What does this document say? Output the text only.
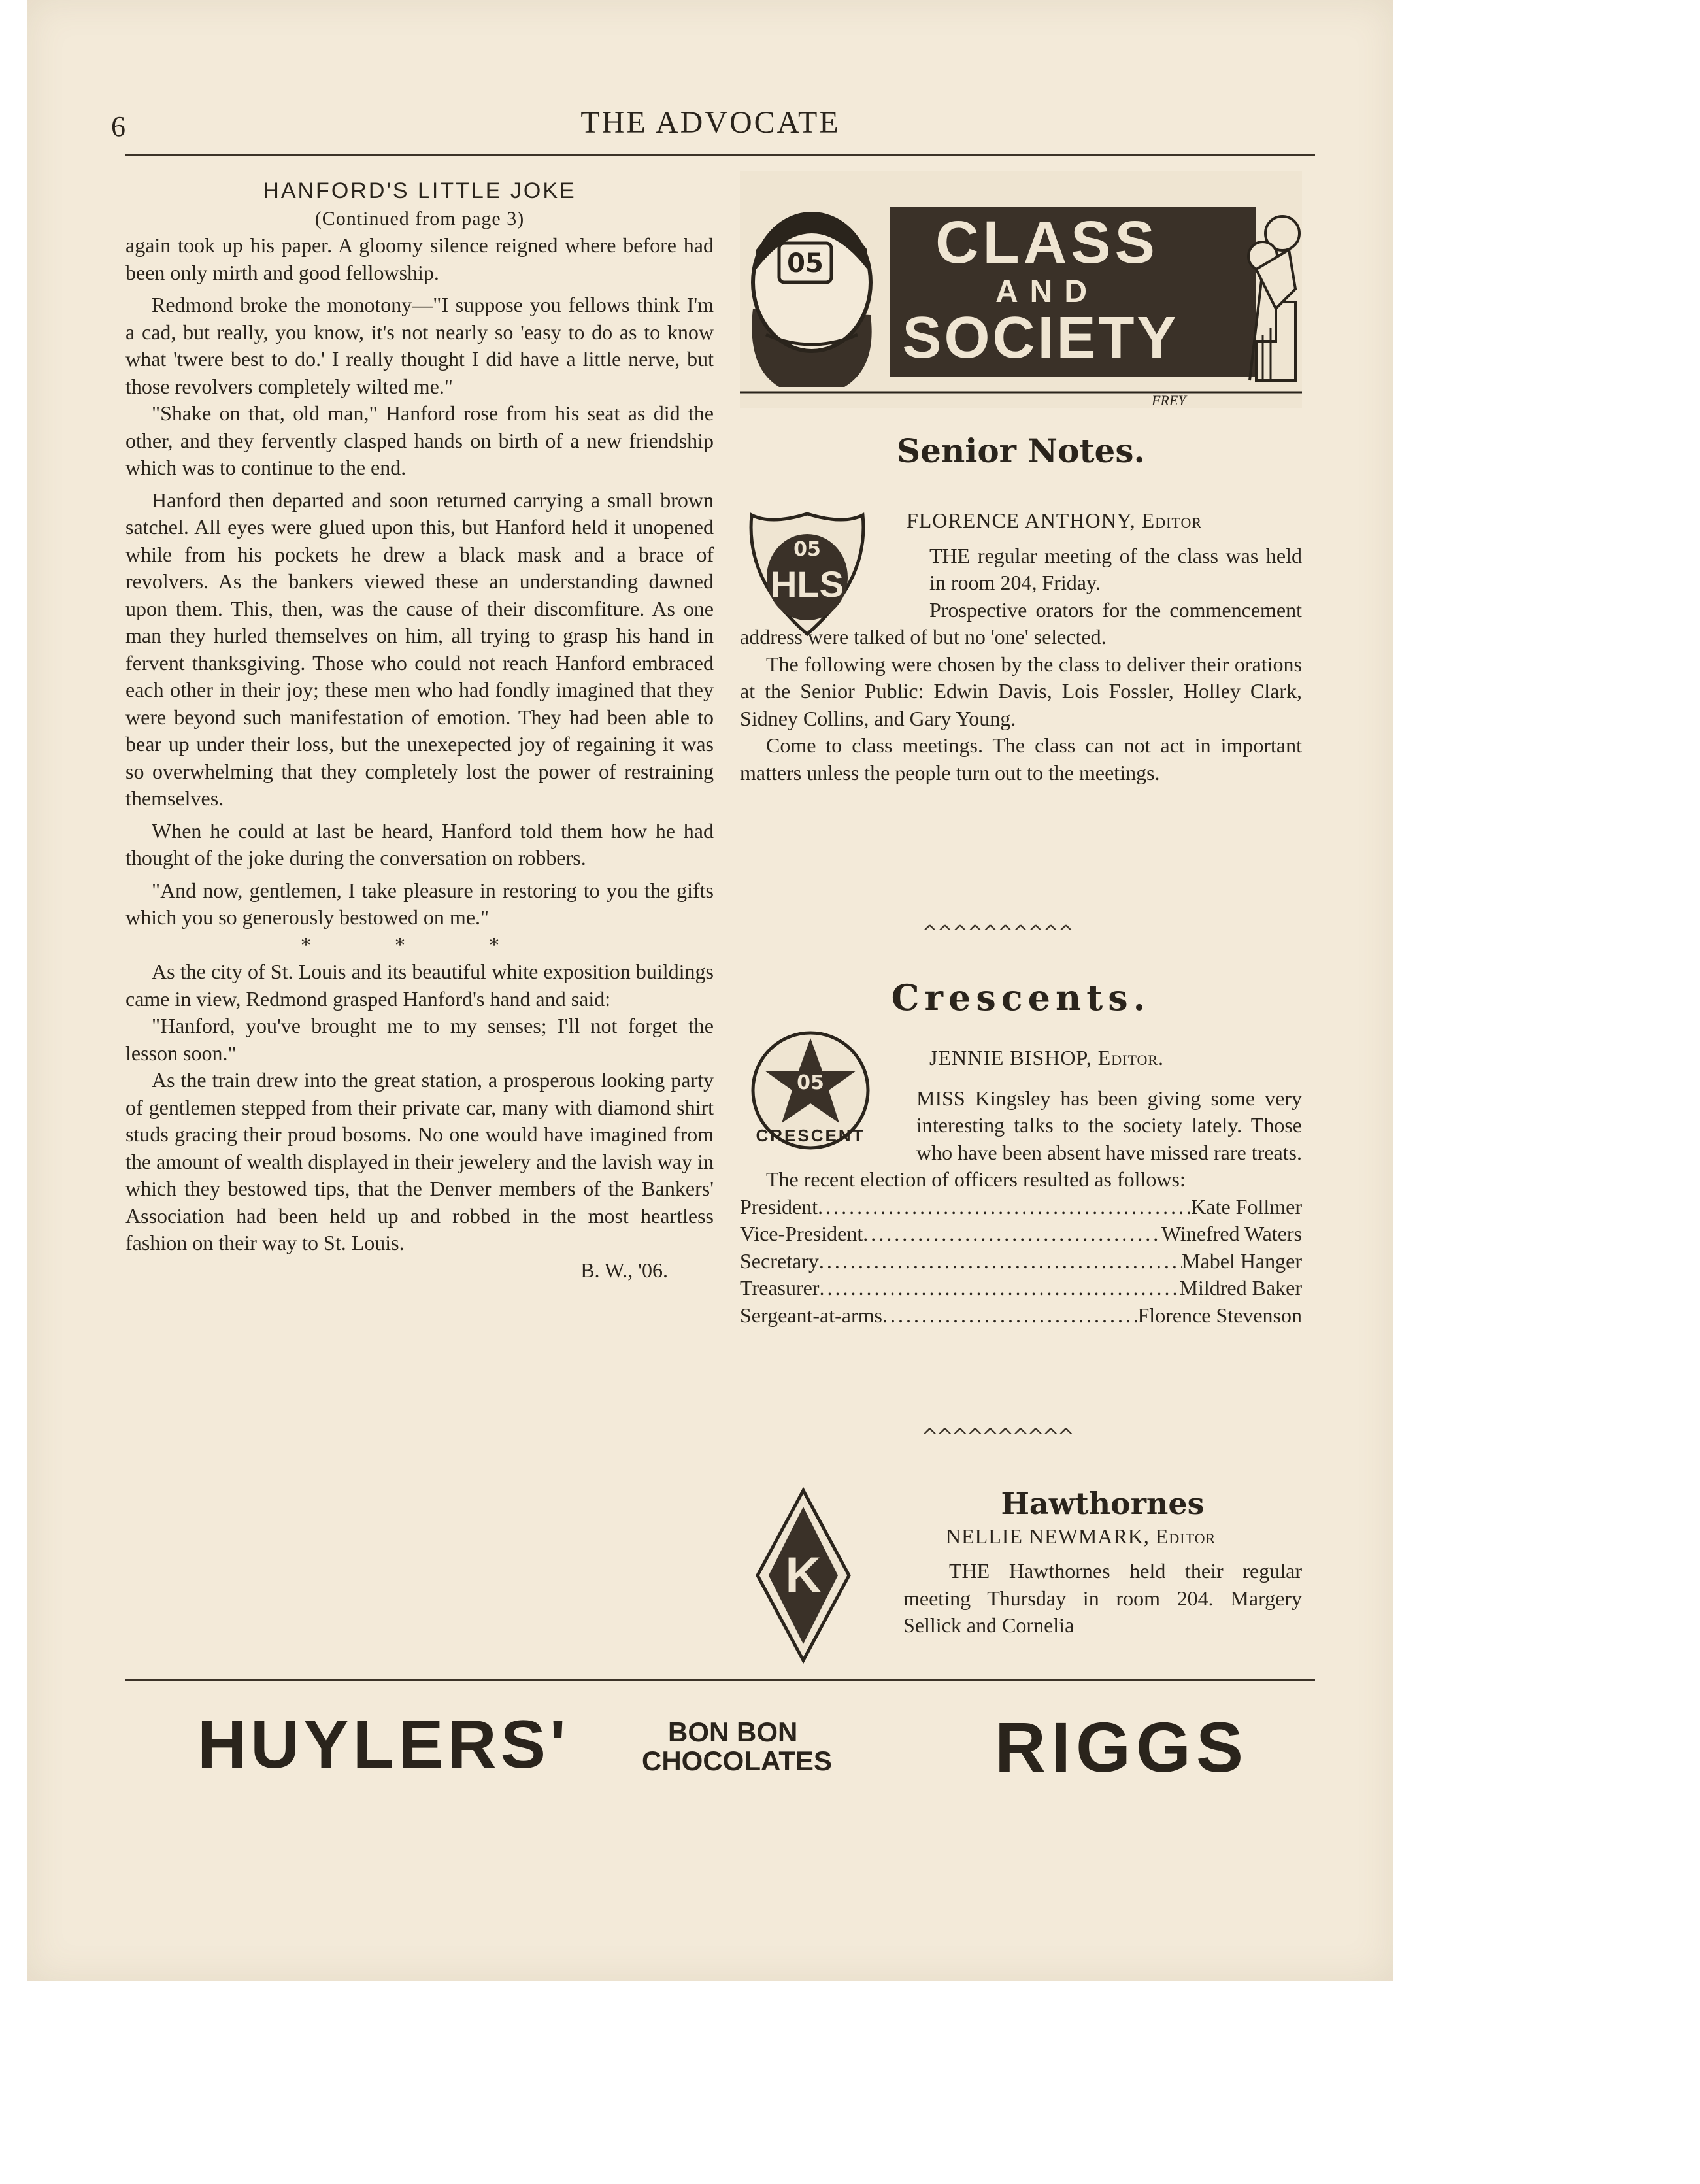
6	THE ADVOCATE

HANFORD'S LITTLE JOKE

(Continued from page 3)

again took up his paper. A gloomy silence reigned where before had been only mirth and good fellowship.

Redmond broke the monotony—"I suppose you fellows think I'm a cad, but really, you know, it's not nearly so 'easy to do as to know what 'twere best to do.' I really thought I did have a little nerve, but those revolvers completely wilted me."

"Shake on that, old man," Hanford rose from his seat as did the other, and they fervently clasped hands on birth of a new friendship which was to continue to the end.

Hanford then departed and soon returned carrying a small brown satchel. All eyes were glued upon this, but Hanford held it unopened while from his pockets he drew a black mask and a brace of revolvers. As the bankers viewed these an understanding dawned upon them. This, then, was the cause of their discomfiture. As one man they hurled themselves on him, all trying to grasp his hand in fervent thanksgiving. Those who could not reach Hanford embraced each other in their joy; these men who had fondly imagined that they were beyond such manifestation of emotion. They had been able to bear up under their loss, but the unexepected joy of regaining it was so overwhelming that they completely lost the power of restraining themselves.

When he could at last be heard, Hanford told them how he had thought of the joke during the conversation on robbers.

"And now, gentlemen, I take pleasure in restoring to you the gifts which you so generously bestowed on me."

* * *

As the city of St. Louis and its beautiful white exposition buildings came in view, Redmond grasped Hanford's hand and said:

"Hanford, you've brought me to my senses; I'll not forget the lesson soon."

As the train drew into the great station, a prosperous looking party of gentlemen stepped from their private car, many with diamond shirt studs gracing their proud bosoms. No one would have imagined from the amount of wealth displayed in their jewelery and the lavish way in which they bestowed tips, that the Denver members of the Bankers' Association had been held up and robbed in the most heartless fashion on their way to St. Louis.

B. W., '06.

05 CLASS
AND
SOCIETY
FREY
Senior Notes.
05
HLS

FLORENCE ANTHONY, Editor

THE regular meeting of the class was held in room 204, Friday.

Prospective orators for the commencement address were talked of but no 'one' selected.

The following were chosen by the class to deliver their orations at the Senior Public: Edwin Davis, Lois Fossler, Holley Clark, Sidney Collins, and Gary Young.

Come to class meetings. The class can not act in important matters unless the people turn out to the meetings.

^^^^^^^^^^
Crescents.
05
CRESCENT

JENNIE BISHOP, Editor.

MISS Kingsley has been giving some very interesting talks to the society lately. Those who have been absent have missed rare treats.

The recent election of officers resulted as follows:

President .....	Kate Follmer
Vice-President .....	Winefred Waters
Secretary .....	Mabel Hanger
Treasurer .....	Mildred Baker
Sergeant-at-arms .....	Florence Stevenson
^^^^^^^^^^
K

Hawthornes

NELLIE NEWMARK, Editor

THE Hawthornes held their regular meeting Thursday in room 204. Margery Sellick and Cornelia

HUYLERS'	BON BON
CHOCOLATES RIGGS
